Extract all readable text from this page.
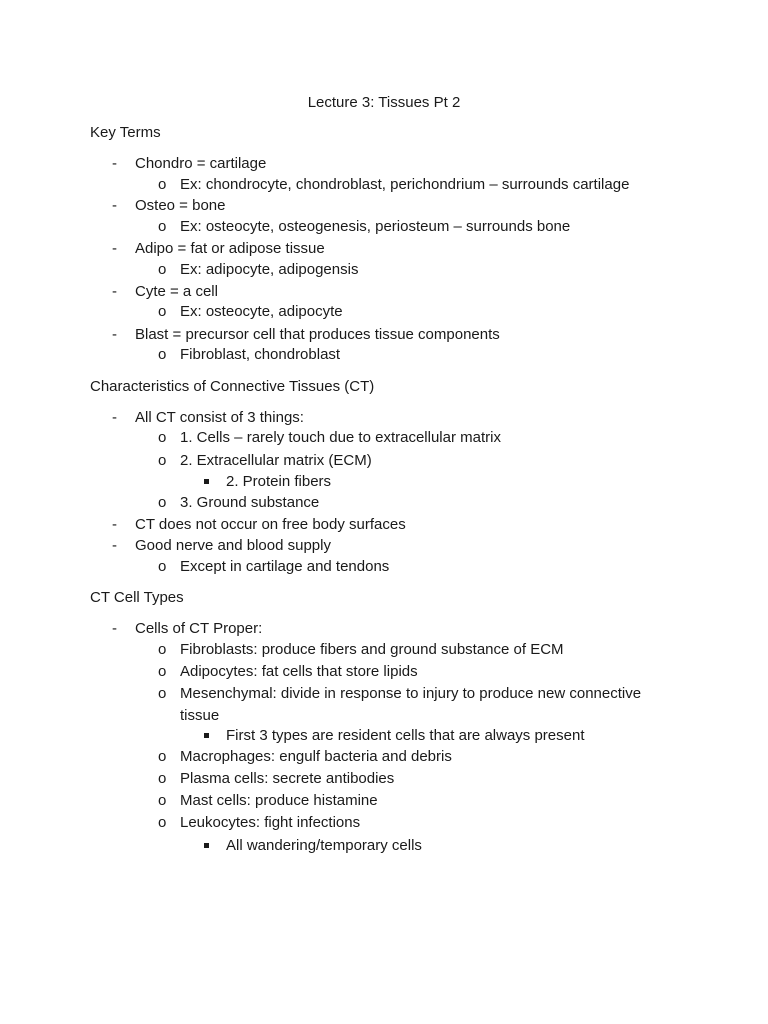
Lecture 3: Tissues Pt 2
Key Terms
- Chondro = cartilage
o Ex: chondrocyte, chondroblast, perichondrium – surrounds cartilage
- Osteo = bone
o Ex: osteocyte, osteogenesis, periosteum – surrounds bone
- Adipo = fat or adipose tissue
o Ex: adipocyte, adipogensis
- Cyte = a cell
o Ex: osteocyte, adipocyte
- Blast = precursor cell that produces tissue components
o Fibroblast, chondroblast
Characteristics of Connective Tissues (CT)
- All CT consist of 3 things:
o 1. Cells – rarely touch due to extracellular matrix
o 2. Extracellular matrix (ECM)
2. Protein fibers
o 3. Ground substance
- CT does not occur on free body surfaces
- Good nerve and blood supply
o Except in cartilage and tendons
CT Cell Types
- Cells of CT Proper:
o Fibroblasts: produce fibers and ground substance of ECM
o Adipocytes: fat cells that store lipids
o Mesenchymal: divide in response to injury to produce new connective
tissue
First 3 types are resident cells that are always present
o Macrophages: engulf bacteria and debris
o Plasma cells: secrete antibodies
o Mast cells: produce histamine
o Leukocytes: fight infections
All wandering/temporary cells
